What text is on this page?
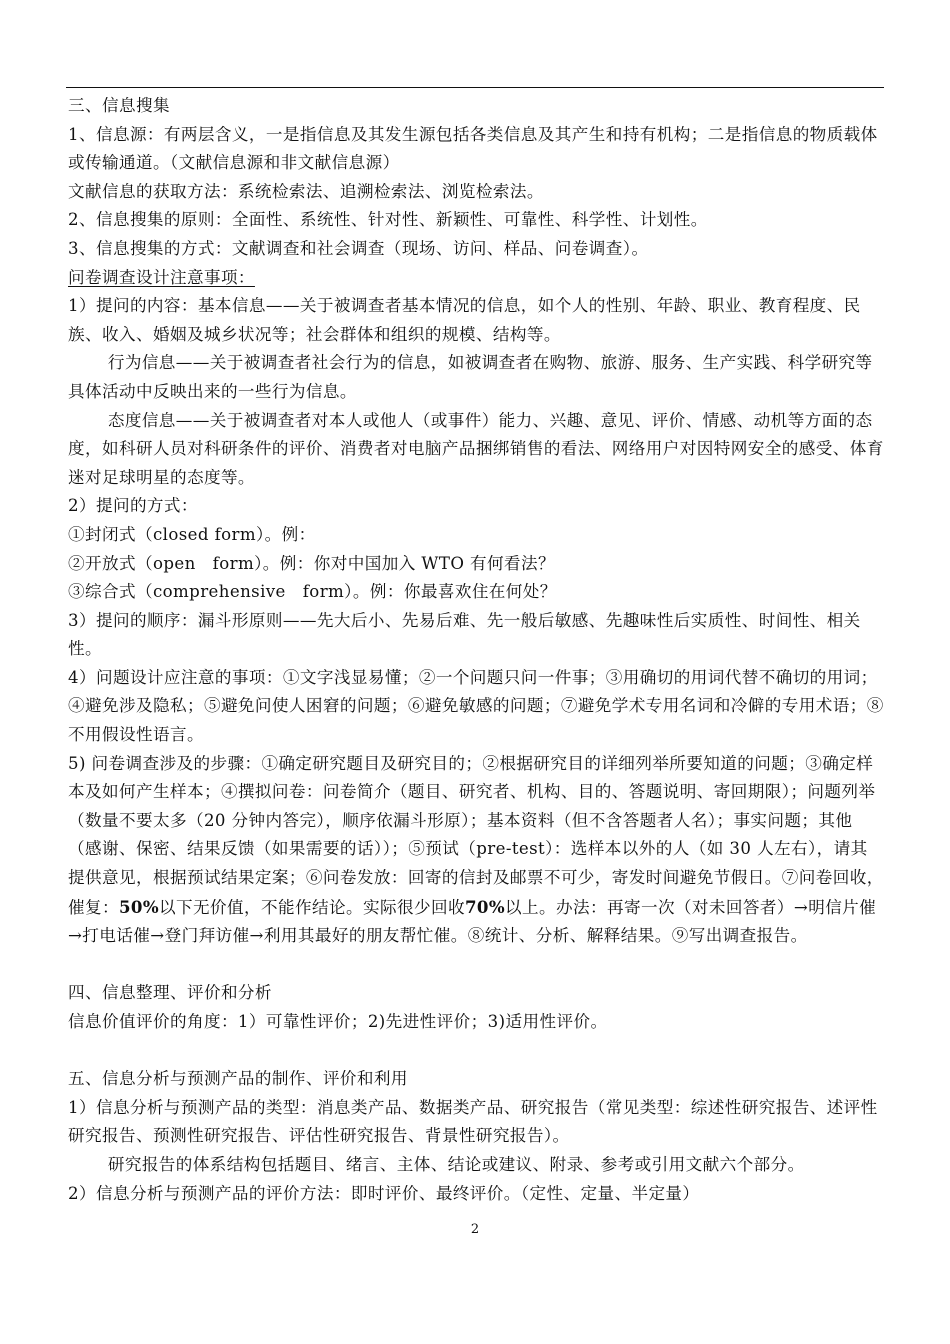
三、信息搜集

1、信息源：有两层含义，一是指信息及其发生源包括各类信息及其产生和持有机构；二是指信息的物质载体或传输通道。（文献信息源和非文献信息源）

文献信息的获取方法：系统检索法、追溯检索法、浏览检索法。

2、信息搜集的原则：全面性、系统性、针对性、新颖性、可靠性、科学性、计划性。

3、信息搜集的方式：文献调查和社会调查（现场、访问、样品、问卷调查）。

问卷调查设计注意事项：

1）提问的内容：基本信息——关于被调查者基本情况的信息，如个人的性别、年龄、职业、教育程度、民族、收入、婚姻及城乡状况等；社会群体和组织的规模、结构等。

行为信息——关于被调查者社会行为的信息，如被调查者在购物、旅游、服务、生产实践、科学研究等具体活动中反映出来的一些行为信息。

态度信息——关于被调查者对本人或他人（或事件）能力、兴趣、意见、评价、情感、动机等方面的态度，如科研人员对科研条件的评价、消费者对电脑产品捆绑销售的看法、网络用户对因特网安全的感受、体育迷对足球明星的态度等。

2）提问的方式：

①封闭式（closed form）。例：

②开放式（open　form）。例：你对中国加入 WTO 有何看法？

③综合式（comprehensive　form）。例：你最喜欢住在何处？

3）提问的顺序：漏斗形原则——先大后小、先易后难、先一般后敏感、先趣味性后实质性、时间性、相关性。

4）问题设计应注意的事项：①文字浅显易懂；②一个问题只问一件事；③用确切的用词代替不确切的用词；④避免涉及隐私；⑤避免问使人困窘的问题；⑥避免敏感的问题；⑦避免学术专用名词和冷僻的专用术语；⑧不用假设性语言。

5) 问卷调查涉及的步骤：①确定研究题目及研究目的；②根据研究目的详细列举所要知道的问题；③确定样本及如何产生样本；④撰拟问卷：问卷简介（题目、研究者、机构、目的、答题说明、寄回期限）；问题列举（数量不要太多（20 分钟内答完），顺序依漏斗形原）；基本资料（但不含答题者人名）；事实问题；其他（感谢、保密、结果反馈（如果需要的话））；⑤预试（pre-test）：选样本以外的人（如 30 人左右），请其提供意见，根据预试结果定案；⑥问卷发放：回寄的信封及邮票不可少，寄发时间避免节假日。⑦问卷回收，催复：50%以下无价值，不能作结论。实际很少回收70%以上。办法：再寄一次（对未回答者）→明信片催→打电话催→登门拜访催→利用其最好的朋友帮忙催。⑧统计、分析、解释结果。⑨写出调查报告。

四、信息整理、评价和分析

信息价值评价的角度：1）可靠性评价；2)先进性评价；3)适用性评价。

五、信息分析与预测产品的制作、评价和利用

1）信息分析与预测产品的类型：消息类产品、数据类产品、研究报告（常见类型：综述性研究报告、述评性研究报告、预测性研究报告、评估性研究报告、背景性研究报告）。

研究报告的体系结构包括题目、绪言、主体、结论或建议、附录、参考或引用文献六个部分。

2）信息分析与预测产品的评价方法：即时评价、最终评价。（定性、定量、半定量）

2
